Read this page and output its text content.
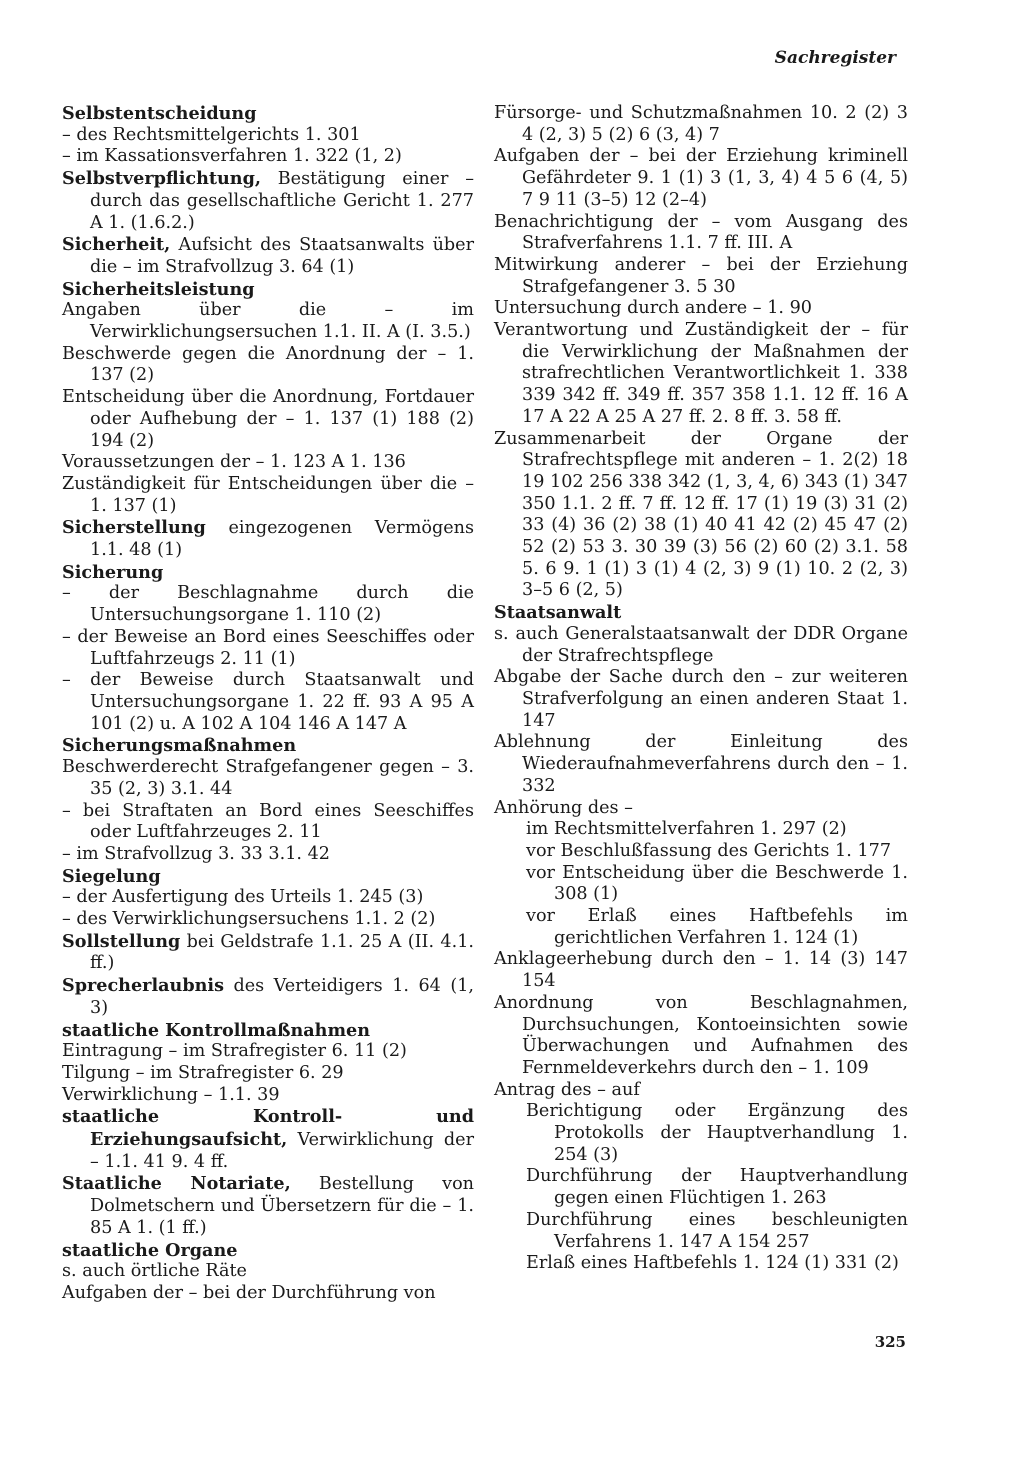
Sachregister

Selbstentscheidung

– des Rechtsmittelgerichts 1. 301

– im Kassationsverfahren 1. 322 (1, 2)

Selbstverpflichtung, Bestätigung einer – durch das gesellschaftliche Gericht 1. 277 A 1. (1.6.2.)

Sicherheit, Aufsicht des Staatsanwalts über die – im Strafvollzug 3. 64 (1)

Sicherheitsleistung

Angaben über die – im Verwirklichungsersuchen 1.1. II. A (I. 3.5.)

Beschwerde gegen die Anordnung der – 1. 137 (2)

Entscheidung über die Anordnung, Fortdauer oder Aufhebung der – 1. 137 (1) 188 (2) 194 (2)

Voraussetzungen der – 1. 123 A 1. 136

Zuständigkeit für Entscheidungen über die – 1. 137 (1)

Sicherstellung eingezogenen Vermögens 1.1. 48 (1)

Sicherung

– der Beschlagnahme durch die Untersuchungsorgane 1. 110 (2)

– der Beweise an Bord eines Seeschiffes oder Luftfahrzeugs 2. 11 (1)

– der Beweise durch Staatsanwalt und Untersuchungsorgane 1. 22 ff. 93 A 95 A 101 (2) u. A 102 A 104 146 A 147 A

Sicherungsmaßnahmen

Beschwerderecht Strafgefangener gegen – 3. 35 (2, 3) 3.1. 44

– bei Straftaten an Bord eines Seeschiffes oder Luftfahrzeuges 2. 11

– im Strafvollzug 3. 33 3.1. 42

Siegelung

– der Ausfertigung des Urteils 1. 245 (3)

– des Verwirklichungsersuchens 1.1. 2 (2)

Sollstellung bei Geldstrafe 1.1. 25 A (II. 4.1. ff.)

Sprecherlaubnis des Verteidigers 1. 64 (1, 3)

staatliche Kontrollmaßnahmen

Eintragung – im Strafregister 6. 11 (2)

Tilgung – im Strafregister 6. 29

Verwirklichung – 1.1. 39

staatliche Kontroll- und Erziehungsaufsicht, Verwirklichung der – 1.1. 41 9. 4 ff.

Staatliche Notariate, Bestellung von Dolmetschern und Übersetzern für die – 1. 85 A 1. (1 ff.)

staatliche Organe

s. auch örtliche Räte

Aufgaben der – bei der Durchführung von

Fürsorge- und Schutzmaßnahmen 10. 2 (2) 3 4 (2, 3) 5 (2) 6 (3, 4) 7

Aufgaben der – bei der Erziehung kriminell Gefährdeter 9. 1 (1) 3 (1, 3, 4) 4 5 6 (4, 5) 7 9 11 (3–5) 12 (2–4)

Benachrichtigung der – vom Ausgang des Strafverfahrens 1.1. 7 ff. III. A

Mitwirkung anderer – bei der Erziehung Strafgefangener 3. 5 30

Untersuchung durch andere – 1. 90

Verantwortung und Zuständigkeit der – für die Verwirklichung der Maßnahmen der strafrechtlichen Verantwortlichkeit 1. 338 339 342 ff. 349 ff. 357 358 1.1. 12 ff. 16 A 17 A 22 A 25 A 27 ff. 2. 8 ff. 3. 58 ff.

Zusammenarbeit der Organe der Strafrechtspflege mit anderen – 1. 2(2) 18 19 102 256 338 342 (1, 3, 4, 6) 343 (1) 347 350 1.1. 2 ff. 7 ff. 12 ff. 17 (1) 19 (3) 31 (2) 33 (4) 36 (2) 38 (1) 40 41 42 (2) 45 47 (2) 52 (2) 53 3. 30 39 (3) 56 (2) 60 (2) 3.1. 58 5. 6 9. 1 (1) 3 (1) 4 (2, 3) 9 (1) 10. 2 (2, 3) 3–5 6 (2, 5)

Staatsanwalt

s. auch Generalstaatsanwalt der DDR Organe der Strafrechtspflege

Abgabe der Sache durch den – zur weiteren Strafverfolgung an einen anderen Staat 1. 147

Ablehnung der Einleitung des Wiederaufnahmeverfahrens durch den – 1. 332

Anhörung des –

im Rechtsmittelverfahren 1. 297 (2)

vor Beschlußfassung des Gerichts 1. 177

vor Entscheidung über die Beschwerde 1. 308 (1)

vor Erlaß eines Haftbefehls im gerichtlichen Verfahren 1. 124 (1)

Anklageerhebung durch den – 1. 14 (3) 147 154

Anordnung von Beschlagnahmen, Durchsuchungen, Kontoeinsichten sowie Überwachungen und Aufnahmen des Fernmeldeverkehrs durch den – 1. 109

Antrag des – auf

Berichtigung oder Ergänzung des Protokolls der Hauptverhandlung 1. 254 (3)

Durchführung der Hauptverhandlung gegen einen Flüchtigen 1. 263

Durchführung eines beschleunigten Verfahrens 1. 147 A 154 257

Erlaß eines Haftbefehls 1. 124 (1) 331 (2)

325
